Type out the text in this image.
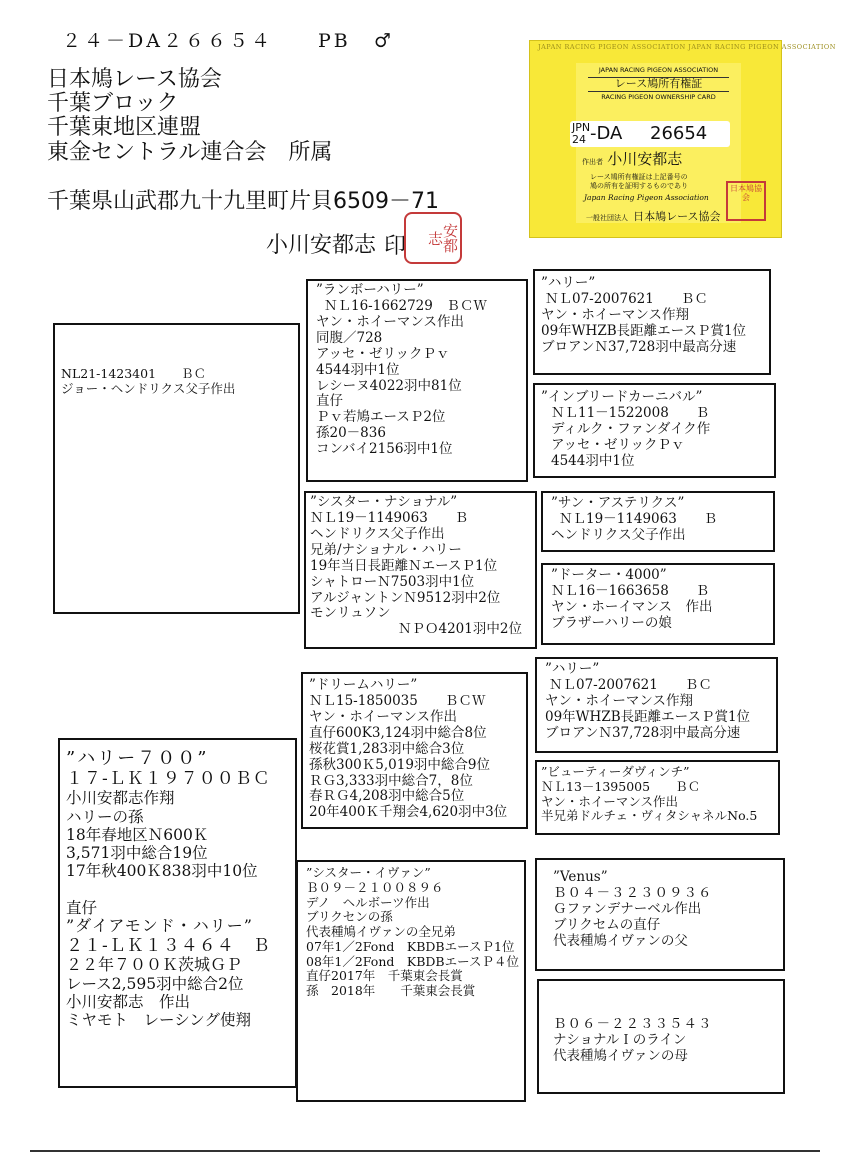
２４－DA２６６５４ PB ♂
日本鳩レース協会
千葉ブロック
千葉東地区連盟
東金セントラル連合会　所属
千葉県山武郡九十九里町片貝6509－71
小川安都志 印	安都志
JAPAN RACING PIGEON ASSOCIATION JAPAN RACING PIGEON ASSOCIATION
JAPAN RACING PIGEON ASSOCIATION
レース鳩所有権証
RACING PIGEON OWNERSHIP CARD
JPN
24 -DA 26654
作出者 小川安都志
レース鳩所有権証は上記番号の
鳩の所有を証明するものであり
Japan Racing Pigeon Association
一般社団法人 日本鳩レース協会
日本鳩協会
NL21-1423401　　ＢＣ
ジョー・ヘンドリクス父子作出
”ランボーハリー”
ＮＬ16-1662729　ＢＣＷ
ヤン・ホイーマンス作出
同腹／728
アッセ・ゼリックＰｖ
4544羽中1位
レシーヌ4022羽中81位
直仔
Ｐｖ若鳩エースＰ2位
孫20－836
コンバイ2156羽中1位
”ハリー”
ＮＬ07-2007621　　ＢＣ
ヤン・ホイーマンス作翔
09年WHZB長距離エースＰ賞1位
ブロアンＮ37,728羽中最高分速
”インブリードカーニバル”
ＮＬ11－1522008　　Ｂ
ディルク・ファンダイク作
アッセ・ゼリックＰｖ
4544羽中1位
”シスター・ナショナル”
ＮＬ19－1149063　　Ｂ
ヘンドリクス父子作出
兄弟/ナショナル・ハリー
19年当日長距離ＮエースＰ1位
シャトローＮ7503羽中1位
アルジャントンＮ9512羽中2位
モンリュソン
ＮＰＯ4201羽中2位
”サン・アステリクス”
ＮＬ19－1149063　　Ｂ
ヘンドリクス父子作出
”ドーター・4000”
ＮＬ16－1663658　　Ｂ
ヤン・ホーイマンス　作出
ブラザーハリーの娘
”ハリー７００”
１７-ＬＫ１９７００ＢＣ
小川安都志作翔
ハリーの孫
18年春地区Ｎ600Ｋ
3,571羽中総合19位
17年秋400Ｋ838羽中10位
直仔
”ダイアモンド・ハリー”
２１-ＬＫ１３４６４　Ｂ
２２年７００Ｋ茨城ＧＰ
レース2,595羽中総合2位
小川安都志　作出
ミヤモト　レーシング使翔
”ドリームハリー”
ＮＬ15-1850035　　ＢＣＷ
ヤン・ホイーマンス作出
直仔600K3,124羽中総合8位
桜花賞1,283羽中総合3位
孫秋300Ｋ5,019羽中総合9位
ＲＧ3,333羽中総合7，8位
春ＲＧ4,208羽中総合5位
20年400Ｋ千翔会4,620羽中3位
”ハリー”
ＮＬ07-2007621　　ＢＣ
ヤン・ホイーマンス作翔
09年WHZB長距離エースＰ賞1位
ブロアンＮ37,728羽中最高分速
”ビューティーダヴィンチ”
ＮＬ13－1395005　　ＢＣ
ヤン・ホイーマンス作出
半兄弟ドルチェ・ヴィタシャネルNo.5
”シスター・イヴァン”
Ｂ０９－２１００８９６
デノ　ヘルボーツ作出
ブリクセンの孫
代表種鳩イヴァンの全兄弟
07年1／2Fond　KBDBエースＰ1位
08年1／2Fond　KBDBエースＰ４位
直仔2017年　千葉東会長賞
孫　2018年　　千葉東会長賞
”Venus”
Ｂ０４－３２３０９３６
Ｇファンデナーベル作出
ブリクセムの直仔
代表種鳩イヴァンの父
Ｂ０６－２２３３５４３
ナショナルＩのライン
代表種鳩イヴァンの母
